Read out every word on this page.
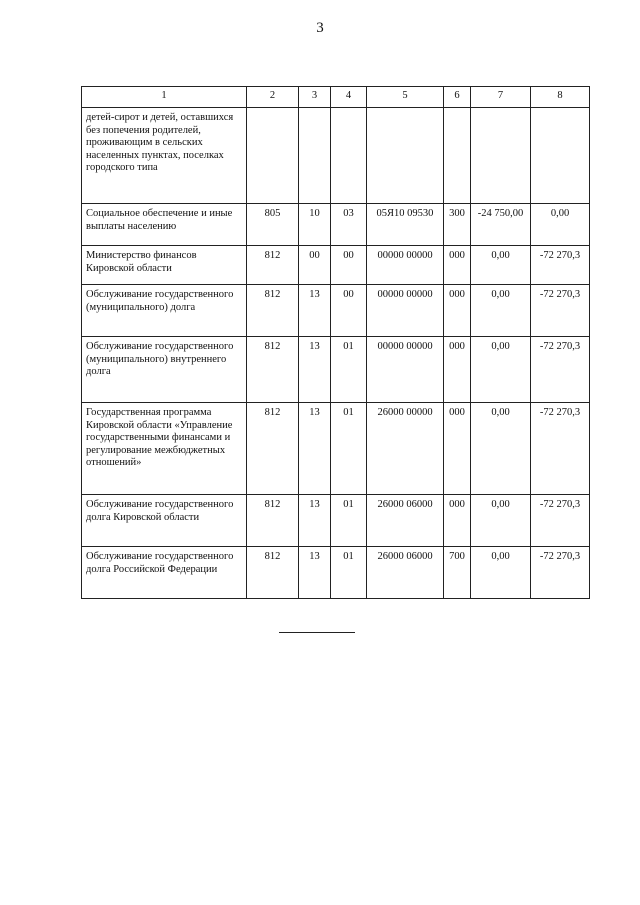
3
1	2	3	4	5	6	7	8
детей-сирот и детей, оставшихся без попечения родителей, проживающим в сельских населенных пунктах, поселках городского типа							
Социальное обеспечение и иные выплаты населению	805	10	03	05Я10 09530	300	-24 750,00	0,00
Министерство финансов Кировской области	812	00	00	00000 00000	000	0,00	-72 270,3
Обслуживание государственного (муниципального) долга	812	13	00	00000 00000	000	0,00	-72 270,3
Обслуживание государственного (муниципального) внутреннего долга	812	13	01	00000 00000	000	0,00	-72 270,3
Государственная программа Кировской области «Управление государственными финансами и регулирование межбюджетных отношений»	812	13	01	26000 00000	000	0,00	-72 270,3
Обслуживание государственного долга Кировской области	812	13	01	26000 06000	000	0,00	-72 270,3
Обслуживание государственного долга Российской Федерации	812	13	01	26000 06000	700	0,00	-72 270,3
